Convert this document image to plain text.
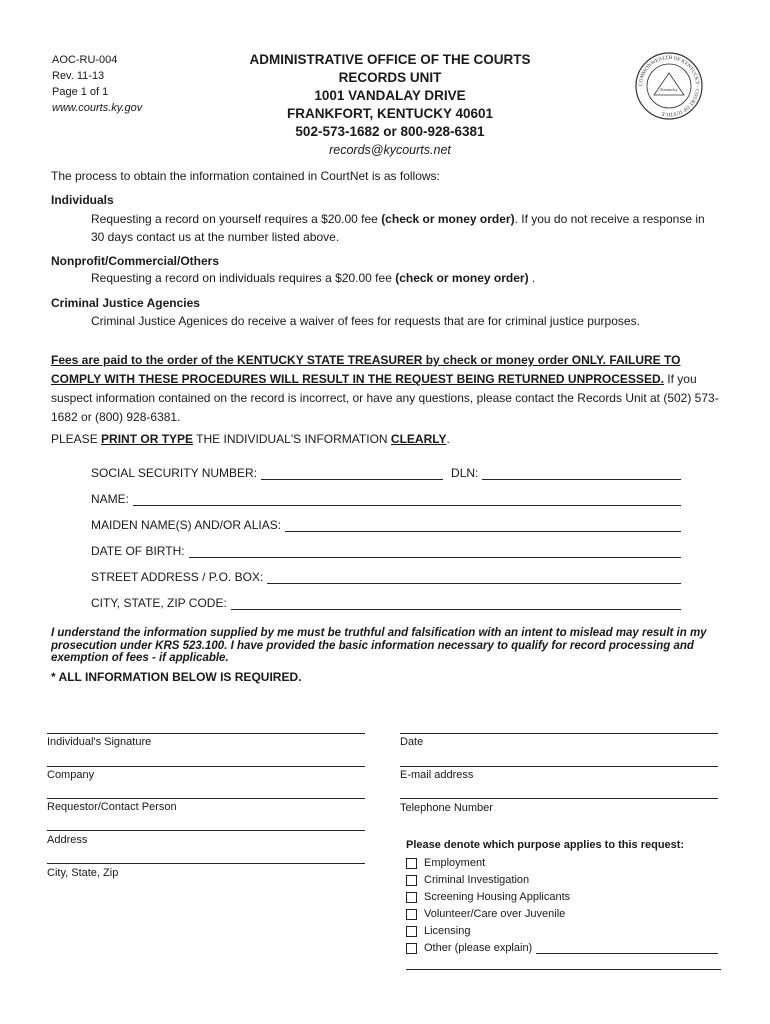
AOC-RU-004
Rev. 11-13
Page 1 of 1
www.courts.ky.gov
ADMINISTRATIVE OFFICE OF THE COURTS
RECORDS UNIT
1001 VANDALAY DRIVE
FRANKFORT, KENTUCKY 40601
502-573-1682 or 800-928-6381
records@kycourts.net
COMMONWEALTH OF KENTUCKY · COURT OF JUSTICE
Kentucky
The process to obtain the information contained in CourtNet is as follows:
Individuals
Requesting a record on yourself requires a $20.00 fee (check or money order). If you do not receive a response in 30 days contact us at the number listed above.
Nonprofit/Commercial/Others
Requesting a record on individuals requires a $20.00 fee (check or money order) .
Criminal Justice Agencies
Criminal Justice Agenices do receive a waiver of fees for requests that are for criminal justice purposes.
Fees are paid to the order of the KENTUCKY STATE TREASURER by check or money order ONLY. FAILURE TO COMPLY WITH THESE PROCEDURES WILL RESULT IN THE REQUEST BEING RETURNED UNPROCESSED. If you suspect information contained on the record is incorrect, or have any questions, please contact the Records Unit at (502) 573-1682 or (800) 928-6381.
PLEASE PRINT OR TYPE THE INDIVIDUAL'S INFORMATION CLEARLY.
SOCIAL SECURITY NUMBER:	DLN:
NAME:
MAIDEN NAME(S) AND/OR ALIAS:
DATE OF BIRTH:
STREET ADDRESS / P.O. BOX:
CITY, STATE, ZIP CODE:
I understand the information supplied by me must be truthful and falsification with an intent to mislead may result in my prosecution under KRS 523.100. I have provided the basic information necessary to qualify for record processing and exemption of fees - if applicable.
* ALL INFORMATION BELOW IS REQUIRED.
Individual's Signature
Company
Requestor/Contact Person
Address
City, State, Zip
Date
E-mail address
Telephone Number
Please denote which purpose applies to this request:
Employment
Criminal Investigation
Screening Housing Applicants
Volunteer/Care over Juvenile
Licensing
Other (please explain)
